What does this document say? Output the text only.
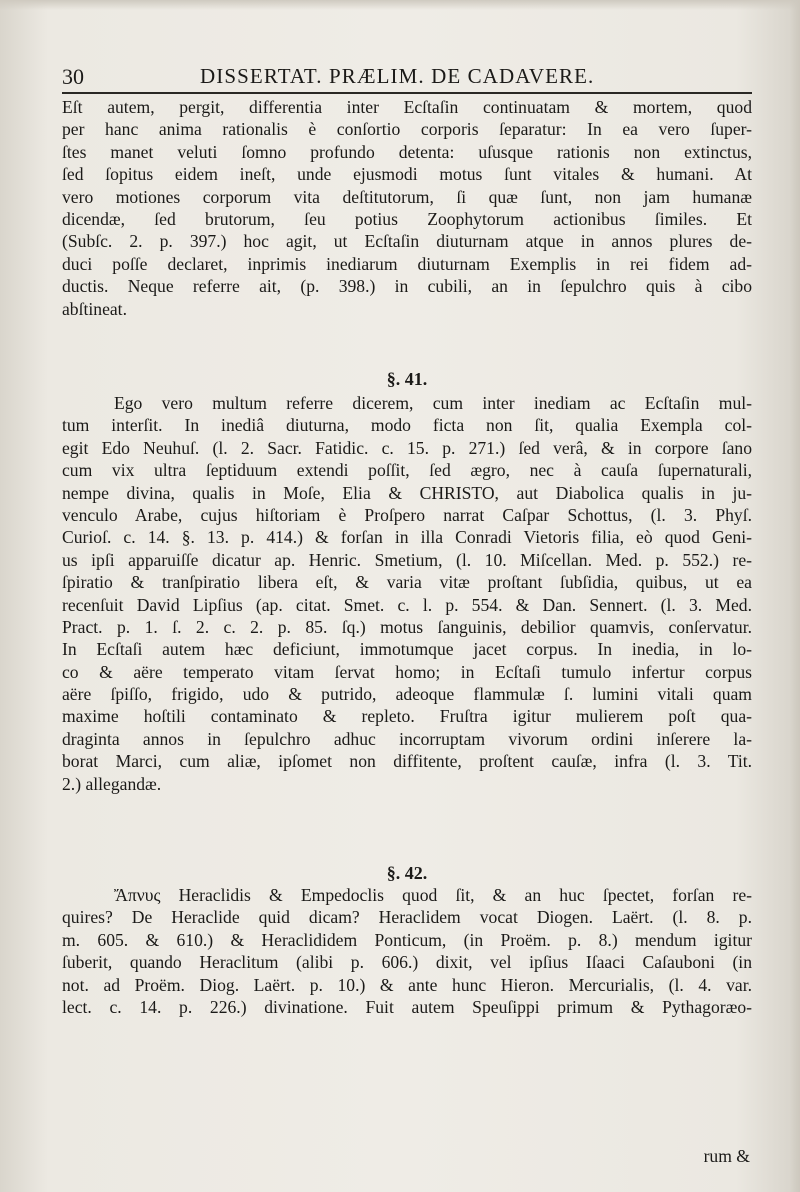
30	DISSERTAT. PRÆLIM. DE CADAVERE.
Eſt autem, pergit, differentia inter Ecſtaſin continuatam & mortem, quod
per hanc anima rationalis è conſortio corporis ſeparatur: In ea vero ſuper-
ſtes manet veluti ſomno profundo detenta: uſusque rationis non extinctus,
ſed ſopitus eidem ineſt, unde ejusmodi motus ſunt vitales & humani. At
vero motiones corporum vita deſtitutorum, ſi quæ ſunt, non jam humanæ
dicendæ, ſed brutorum, ſeu potius Zoophytorum actionibus ſimiles. Et
(Subſc. 2. p. 397.) hoc agit, ut Ecſtaſin diuturnam atque in annos plures de-
duci poſſe declaret, inprimis inediarum diuturnam Exemplis in rei fidem ad-
ductis. Neque referre ait, (p. 398.) in cubili, an in ſepulchro quis à cibo
abſtineat.
§. 41.
Ego vero multum referre dicerem, cum inter inediam ac Ecſtaſin mul-
tum interſit. In inediâ diuturna, modo ficta non ſit, qualia Exempla col-
egit Edo Neuhuſ. (l. 2. Sacr. Fatidic. c. 15. p. 271.) ſed verâ, & in corpore ſano
cum vix ultra ſeptiduum extendi poſſit, ſed ægro, nec à cauſa ſupernaturali,
nempe divina, qualis in Moſe, Elia & CHRISTO, aut Diabolica qualis in ju-
venculo Arabe, cujus hiſtoriam è Proſpero narrat Caſpar Schottus, (l. 3. Phyſ.
Curioſ. c. 14. §. 13. p. 414.) & forſan in illa Conradi Vietoris filia, eò quod Geni-
us ipſi apparuiſſe dicatur ap. Henric. Smetium, (l. 10. Miſcellan. Med. p. 552.) re-
ſpiratio & tranſpiratio libera eſt, & varia vitæ proſtant ſubſidia, quibus, ut ea
recenſuit David Lipſius (ap. citat. Smet. c. l. p. 554. & Dan. Sennert. (l. 3. Med.
Pract. p. 1. ſ. 2. c. 2. p. 85. ſq.) motus ſanguinis, debilior quamvis, conſervatur.
In Ecſtaſi autem hæc deficiunt, immotumque jacet corpus. In inedia, in lo-
co & aëre temperato vitam ſervat homo; in Ecſtaſi tumulo infertur corpus
aëre ſpiſſo, frigido, udo & putrido, adeoque flammulæ ſ. lumini vitali quam
maxime hoſtili contaminato & repleto. Fruſtra igitur mulierem poſt qua-
draginta annos in ſepulchro adhuc incorruptam vivorum ordini inſerere la-
borat Marci, cum aliæ, ipſomet non diffitente, proſtent cauſæ, infra (l. 3. Tit.
2.) allegandæ.
§. 42.
Ἄπνυς Heraclidis & Empedoclis quod ſit, & an huc ſpectet, forſan re-
quires? De Heraclide quid dicam? Heraclidem vocat Diogen. Laërt. (l. 8. p.
m. 605. & 610.) & Heraclididem Ponticum, (in Proëm. p. 8.) mendum igitur
ſuberit, quando Heraclitum (alibi p. 606.) dixit, vel ipſius Iſaaci Caſauboni (in
not. ad Proëm. Diog. Laërt. p. 10.) & ante hunc Hieron. Mercurialis, (l. 4. var.
lect. c. 14. p. 226.) divinatione. Fuit autem Speuſippi primum & Pythagoræo-
rum &
